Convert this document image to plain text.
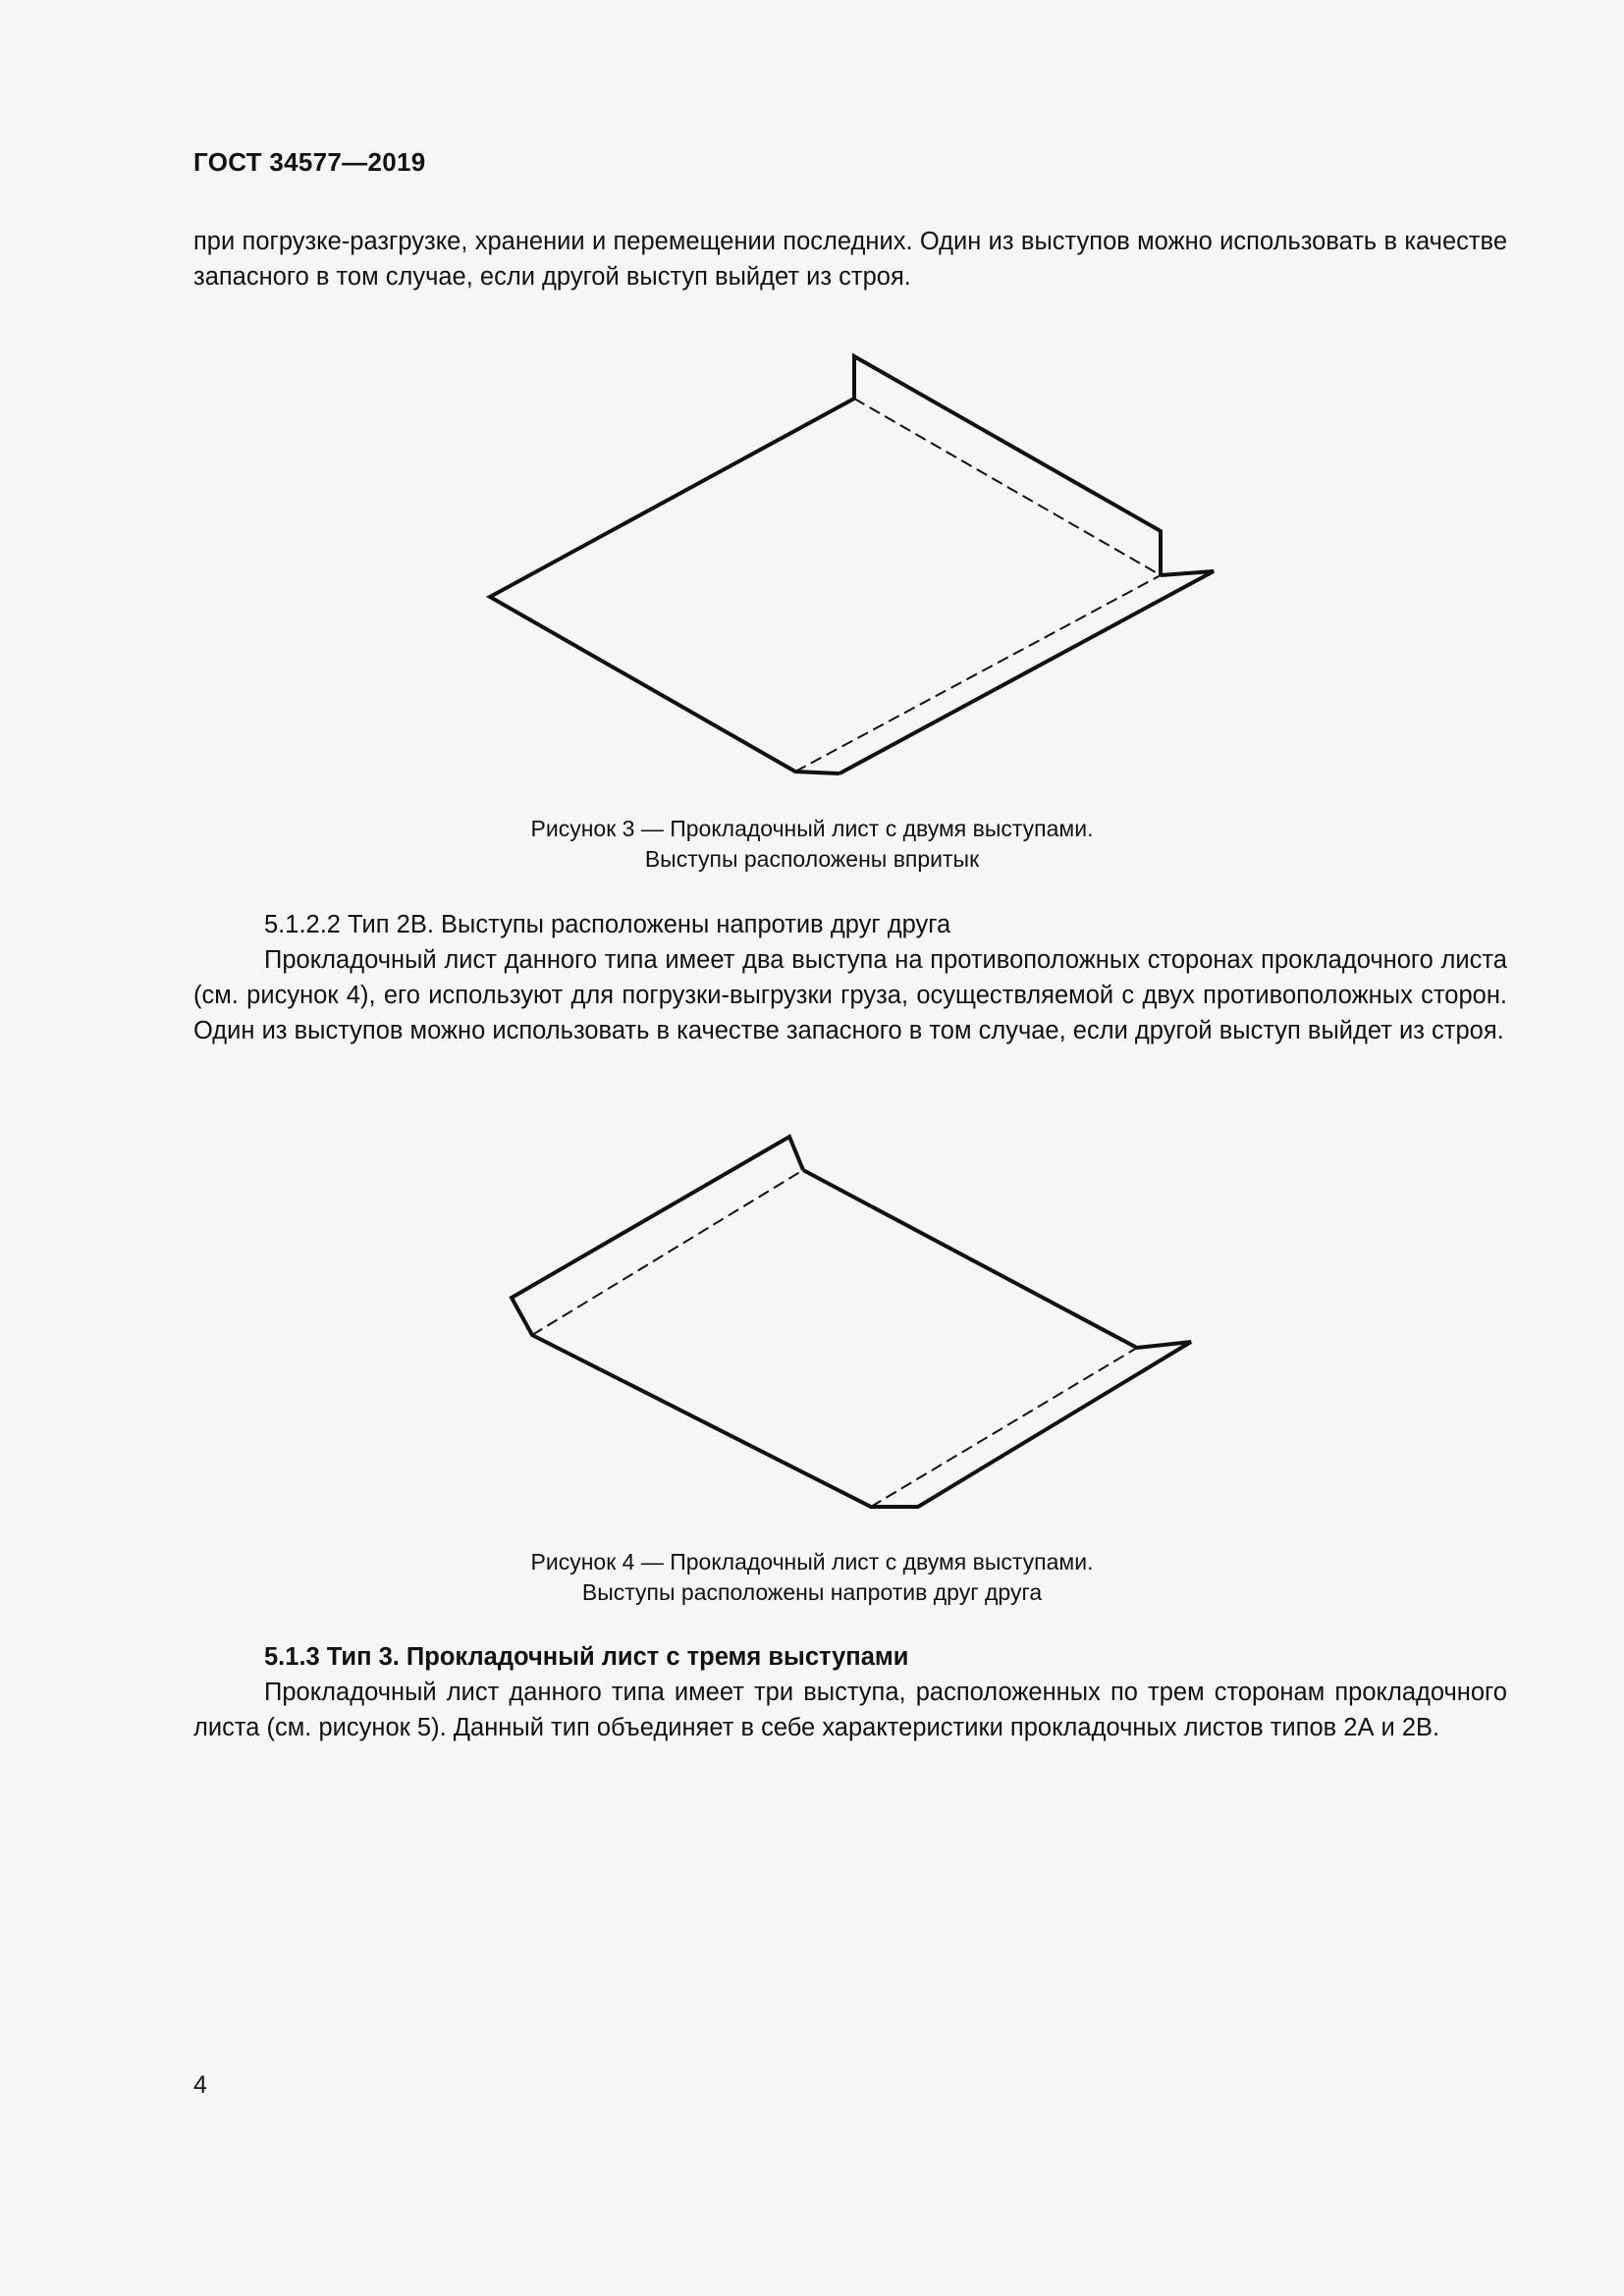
ГОСТ 34577—2019

при погрузке-разгрузке, хранении и перемещении последних. Один из выступов можно использовать в качестве запасного в том случае, если другой выступ выйдет из строя.

Рисунок 3 — Прокладочный лист с двумя выступами.
Выступы расположены впритык

5.1.2.2 Тип 2В. Выступы расположены напротив друг друга

Прокладочный лист данного типа имеет два выступа на противоположных сторонах прокладочного листа (см. рисунок 4), его используют для погрузки-выгрузки груза, осуществляемой с двух противоположных сторон. Один из выступов можно использовать в качестве запасного в том случае, если другой выступ выйдет из строя.

Рисунок 4 — Прокладочный лист с двумя выступами.
Выступы расположены напротив друг друга

5.1.3 Тип 3. Прокладочный лист с тремя выступами

Прокладочный лист данного типа имеет три выступа, расположенных по трем сторонам прокладочного листа (см. рисунок 5). Данный тип объединяет в себе характеристики прокладочных листов типов 2А и 2В.

4
